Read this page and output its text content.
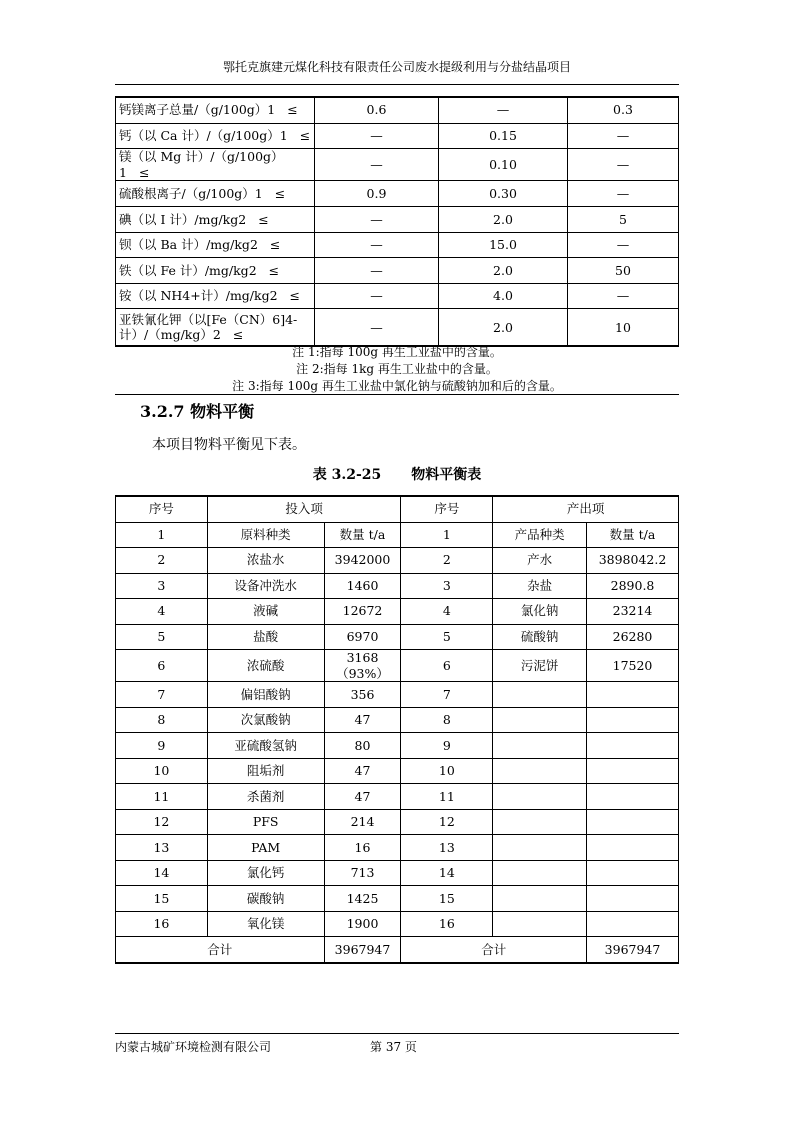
鄂托克旗建元煤化科技有限责任公司废水提级利用与分盐结晶项目
钙镁离子总量/（g/100g）1 ≤	0.6	—	0.3
钙（以 Ca 计）/（g/100g）1 ≤	—	0.15	—
镁（以 Mg 计）/（g/100g）1 ≤	—	0.10	—
硫酸根离子/（g/100g）1 ≤	0.9	0.30	—
碘（以 I 计）/mg/kg2 ≤	—	2.0	5
钡（以 Ba 计）/mg/kg2 ≤	—	15.0	—
铁（以 Fe 计）/mg/kg2 ≤	—	2.0	50
铵（以 NH4+计）/mg/kg2 ≤	—	4.0	—
亚铁氰化钾（以[Fe（CN）6]4-计）/（mg/kg）2 ≤	—	2.0	10
注 1:指每 100g 再生工业盐中的含量。
注 2:指每 1kg 再生工业盐中的含量。
注 3:指每 100g 再生工业盐中氯化钠与硫酸钠加和后的含量。
3.2.7 物料平衡
本项目物料平衡见下表。
表 3.2-25 物料平衡表
序号	投入项		序号	产出项	
1	原料种类	数量 t/a	1	产品种类	数量 t/a
2	浓盐水	3942000	2	产水	3898042.2
3	设备冲洗水	1460	3	杂盐	2890.8
4	液碱	12672	4	氯化钠	23214
5	盐酸	6970	5	硫酸钠	26280
6	浓硫酸	3168（93%）	6	污泥饼	17520
7	偏铝酸钠	356	7		
8	次氯酸钠	47	8		
9	亚硫酸氢钠	80	9		
10	阻垢剂	47	10		
11	杀菌剂	47	11		
12	PFS	214	12		
13	PAM	16	13		
14	氯化钙	713	14		
15	碳酸钠	1425	15		
16	氧化镁	1900	16		
合计		3967947	合计		3967947
内蒙古城矿环境检测有限公司	第 37 页
